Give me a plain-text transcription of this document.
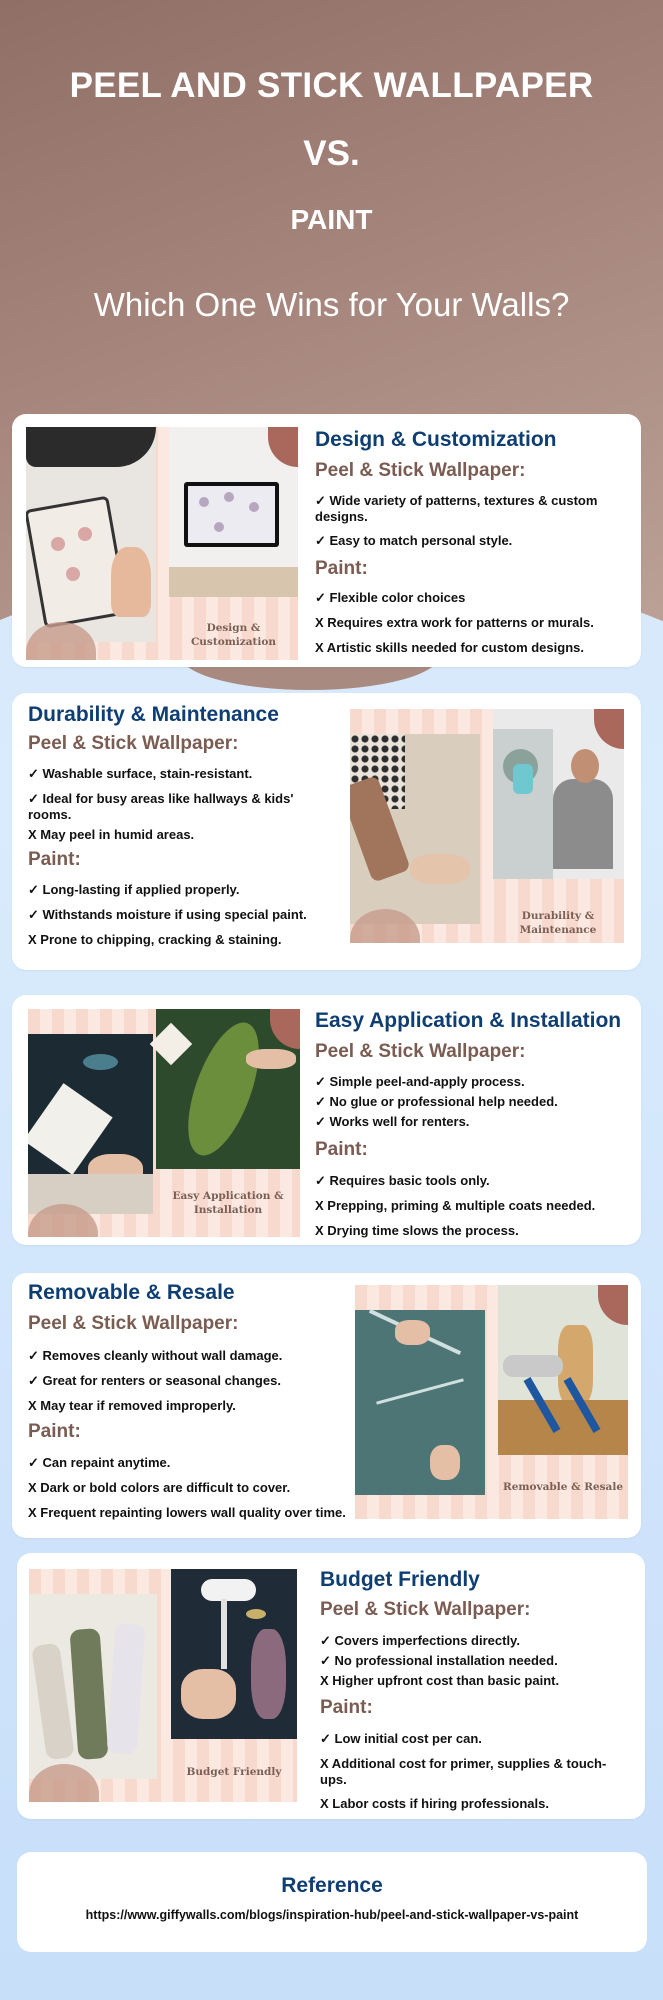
PEEL AND STICK WALLPAPER
VS.
PAINT
Which One Wins for Your Walls?
Design & Customization
Design & Customization
Peel & Stick Wallpaper:
✓ Wide variety of patterns, textures & custom designs.
✓ Easy to match personal style.
Paint:
✓ Flexible color choices
X Requires extra work for patterns or murals.
X Artistic skills needed for custom designs.
Durability & Maintenance
Peel & Stick Wallpaper:
✓ Washable surface, stain-resistant.
✓ Ideal for busy areas like hallways & kids' rooms.
X May peel in humid areas.
Paint:
✓ Long-lasting if applied properly.
✓ Withstands moisture if using special paint.
X Prone to chipping, cracking & staining.
Durability & Maintenance
Easy Application &
Installation
Easy Application & Installation
Peel & Stick Wallpaper:
✓ Simple peel-and-apply process.
✓ No glue or professional help needed.
✓ Works well for renters.
Paint:
✓ Requires basic tools only.
X Prepping, priming & multiple coats needed.
X Drying time slows the process.
Removable & Resale
Peel & Stick Wallpaper:
✓ Removes cleanly without wall damage.
✓ Great for renters or seasonal changes.
X May tear if removed improperly.
Paint:
✓ Can repaint anytime.
X Dark or bold colors are difficult to cover.
X Frequent repainting lowers wall quality over time.
Removable & Resale
Budget Friendly
Budget Friendly
Peel & Stick Wallpaper:
✓ Covers imperfections directly.
✓ No professional installation needed.
X Higher upfront cost than basic paint.
Paint:
✓ Low initial cost per can.
X Additional cost for primer, supplies & touch-ups.
X Labor costs if hiring professionals.
Reference
https://www.giffywalls.com/blogs/inspiration-hub/peel-and-stick-wallpaper-vs-paint
